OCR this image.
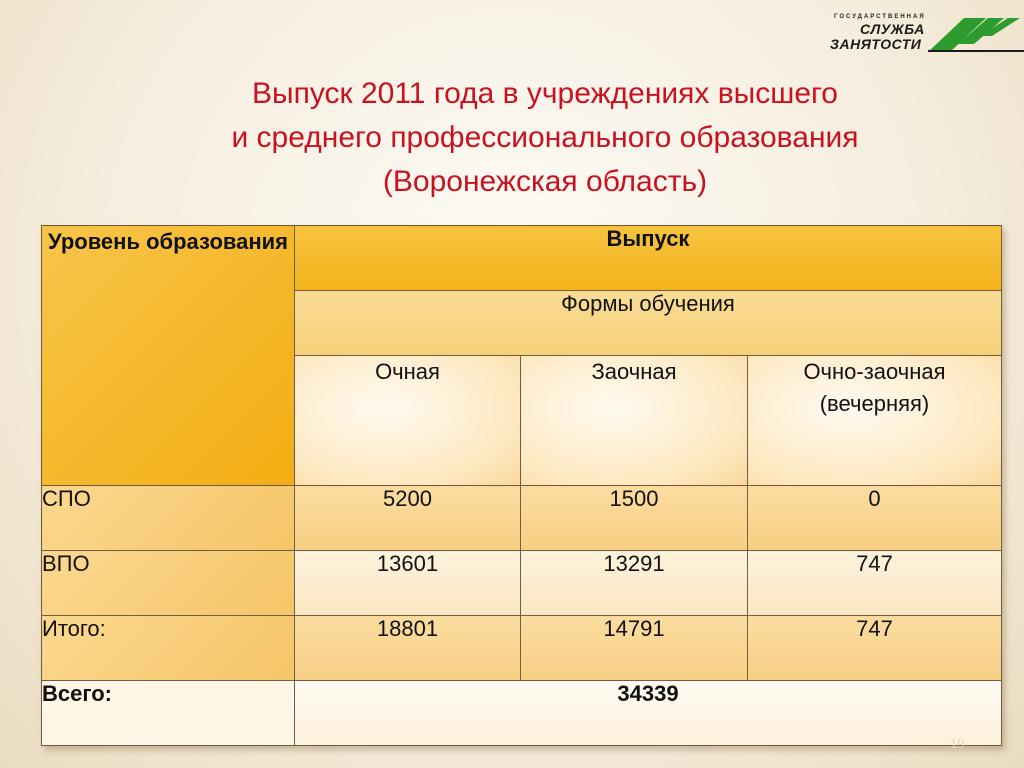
ГОСУДАРСТВЕННАЯ
СЛУЖБА
ЗАНЯТОСТИ
Выпуск 2011 года в учреждениях высшего
и среднего профессионального образования
(Воронежская область)
Уровень образования	Выпуск		
	Формы обучения		
	Очная	Заочная	Очно-заочная (вечерняя)
СПО	5200	1500	0
ВПО	13601	13291	747
Итого:	18801	14791	747
Всего:	34339		
19
